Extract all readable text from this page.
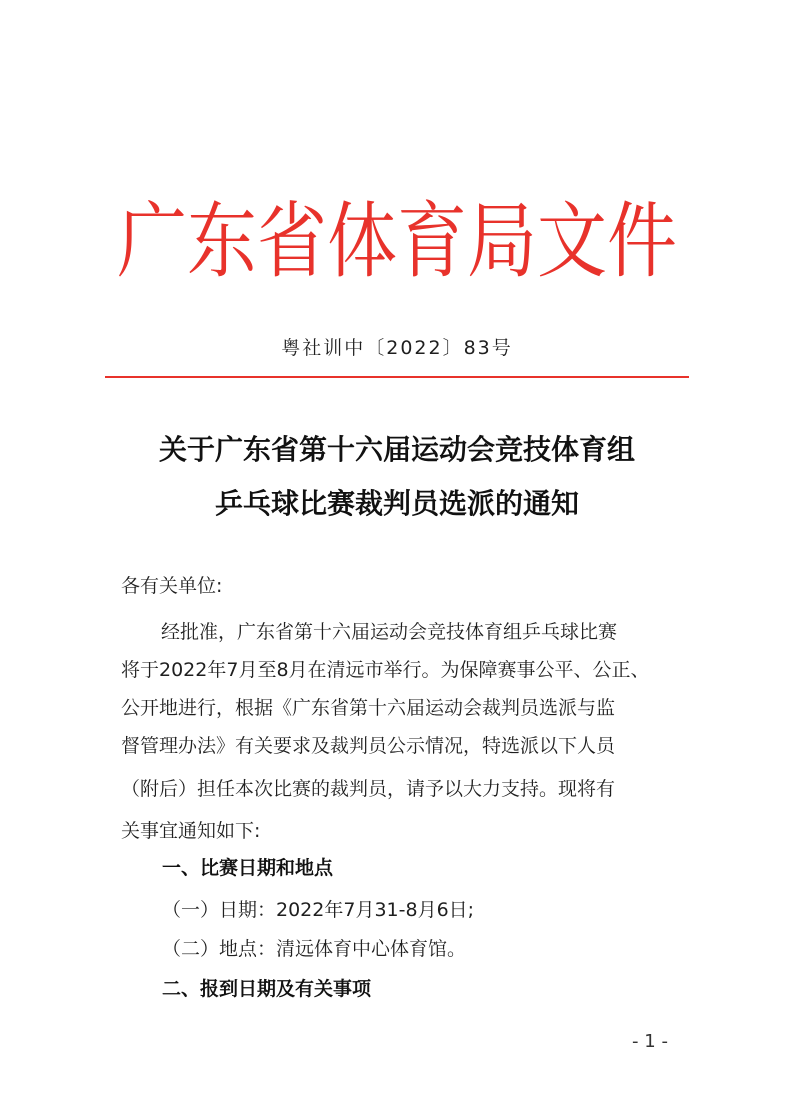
广东省体育局文件
粤社训中〔2022〕83号
关于广东省第十六届运动会竞技体育组
乒乓球比赛裁判员选派的通知
各有关单位:
经批准，广东省第十六届运动会竞技体育组乒乓球比赛
将于2022年7月至8月在清远市举行。为保障赛事公平、公正、
公开地进行，根据《广东省第十六届运动会裁判员选派与监
督管理办法》有关要求及裁判员公示情况，特选派以下人员
（附后）担任本次比赛的裁判员，请予以大力支持。现将有
关事宜通知如下:
一、比赛日期和地点
（一）日期：2022年7月31-8月6日;
（二）地点：清远体育中心体育馆。
二、报到日期及有关事项
- 1 -
